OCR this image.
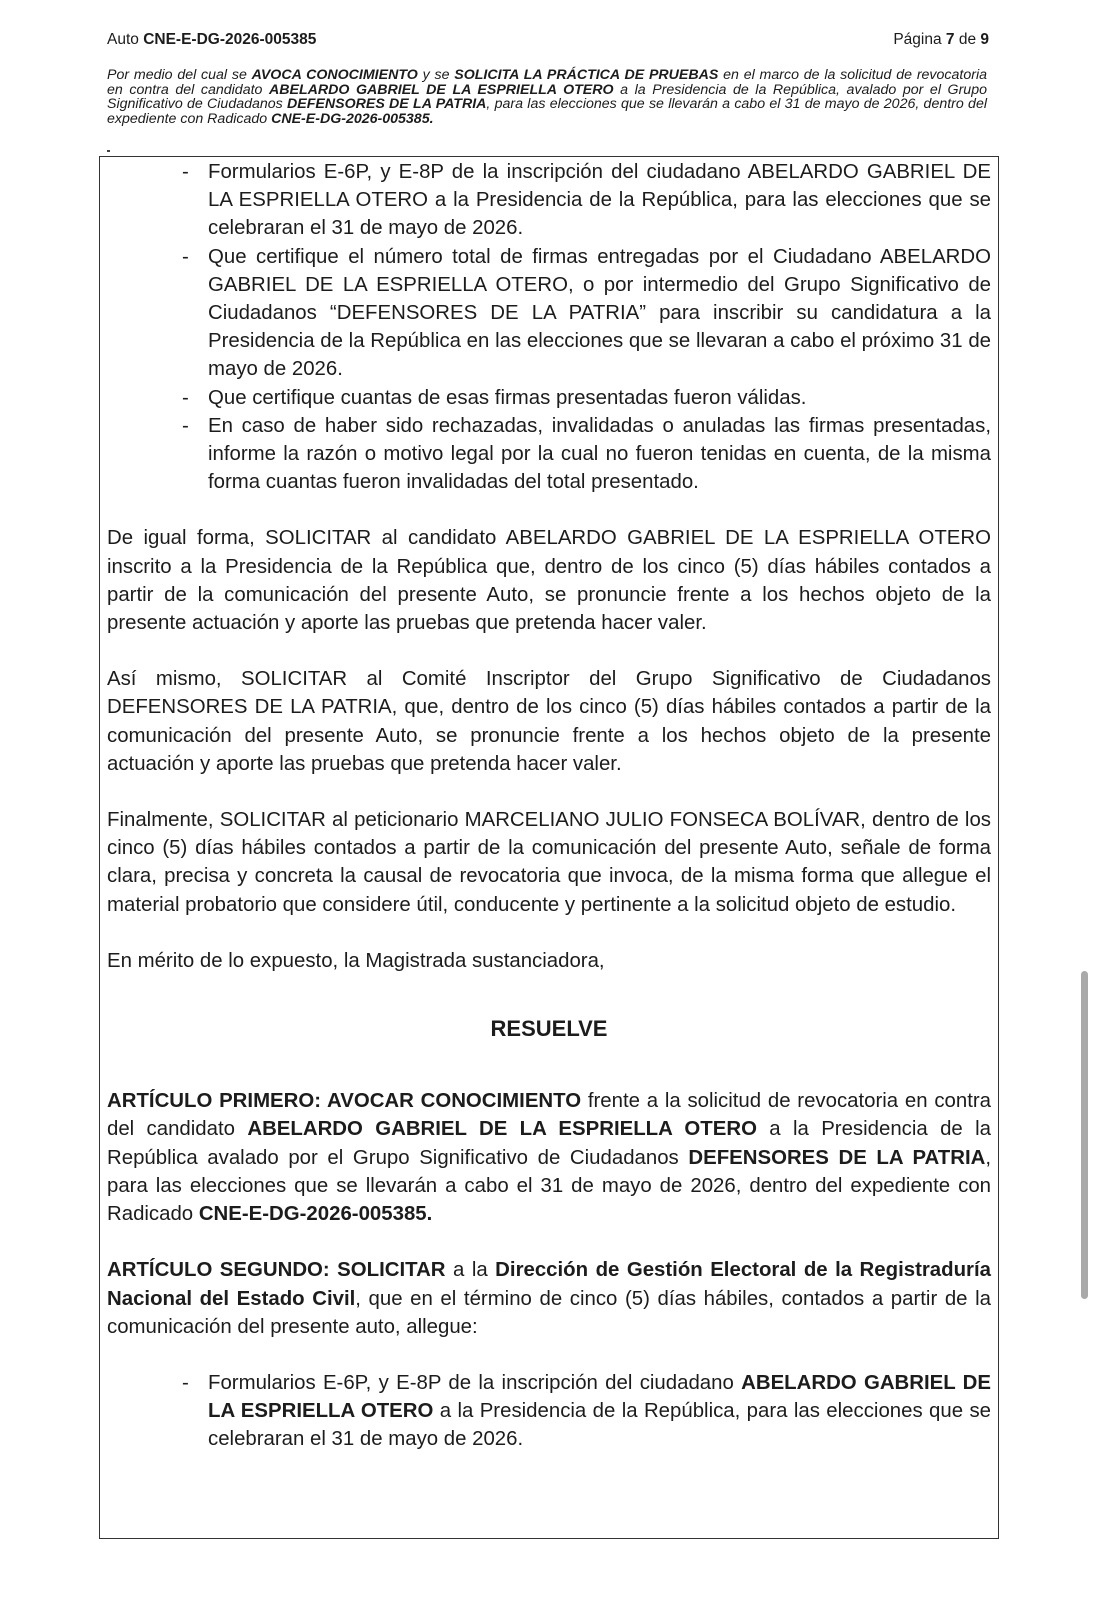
Auto CNE-E-DG-2026-005385	Página 7 de 9
Por medio del cual se AVOCA CONOCIMIENTO y se SOLICITA LA PRÁCTICA DE PRUEBAS en el marco de la solicitud de revocatoria en contra del candidato ABELARDO GABRIEL DE LA ESPRIELLA OTERO a la Presidencia de la República, avalado por el Grupo Significativo de Ciudadanos DEFENSORES DE LA PATRIA, para las elecciones que se llevarán a cabo el 31 de mayo de 2026, dentro del expediente con Radicado CNE-E-DG-2026-005385.
- Formularios E-6P, y E-8P de la inscripción del ciudadano ABELARDO GABRIEL DE LA ESPRIELLA OTERO a la Presidencia de la República, para las elecciones que se celebraran el 31 de mayo de 2026.
- Que certifique el número total de firmas entregadas por el Ciudadano ABELARDO GABRIEL DE LA ESPRIELLA OTERO, o por intermedio del Grupo Significativo de Ciudadanos “DEFENSORES DE LA PATRIA” para inscribir su candidatura a la Presidencia de la República en las elecciones que se llevaran a cabo el próximo 31 de mayo de 2026.
- Que certifique cuantas de esas firmas presentadas fueron válidas.
- En caso de haber sido rechazadas, invalidadas o anuladas las firmas presentadas, informe la razón o motivo legal por la cual no fueron tenidas en cuenta, de la misma forma cuantas fueron invalidadas del total presentado.

De igual forma, SOLICITAR al candidato ABELARDO GABRIEL DE LA ESPRIELLA OTERO inscrito a la Presidencia de la República que, dentro de los cinco (5) días hábiles contados a partir de la comunicación del presente Auto, se pronuncie frente a los hechos objeto de la presente actuación y aporte las pruebas que pretenda hacer valer.

Así mismo, SOLICITAR al Comité Inscriptor del Grupo Significativo de Ciudadanos DEFENSORES DE LA PATRIA, que, dentro de los cinco (5) días hábiles contados a partir de la comunicación del presente Auto, se pronuncie frente a los hechos objeto de la presente actuación y aporte las pruebas que pretenda hacer valer.

Finalmente, SOLICITAR al peticionario MARCELIANO JULIO FONSECA BOLÍVAR, dentro de los cinco (5) días hábiles contados a partir de la comunicación del presente Auto, señale de forma clara, precisa y concreta la causal de revocatoria que invoca, de la misma forma que allegue el material probatorio que considere útil, conducente y pertinente a la solicitud objeto de estudio.

En mérito de lo expuesto, la Magistrada sustanciadora,

RESUELVE

ARTÍCULO PRIMERO: AVOCAR CONOCIMIENTO frente a la solicitud de revocatoria en contra del candidato ABELARDO GABRIEL DE LA ESPRIELLA OTERO a la Presidencia de la República avalado por el Grupo Significativo de Ciudadanos DEFENSORES DE LA PATRIA, para las elecciones que se llevarán a cabo el 31 de mayo de 2026, dentro del expediente con Radicado CNE-E-DG-2026-005385.

ARTÍCULO SEGUNDO: SOLICITAR a la Dirección de Gestión Electoral de la Registraduría Nacional del Estado Civil, que en el término de cinco (5) días hábiles, contados a partir de la comunicación del presente auto, allegue:

- Formularios E-6P, y E-8P de la inscripción del ciudadano ABELARDO GABRIEL DE LA ESPRIELLA OTERO a la Presidencia de la República, para las elecciones que se celebraran el 31 de mayo de 2026.
